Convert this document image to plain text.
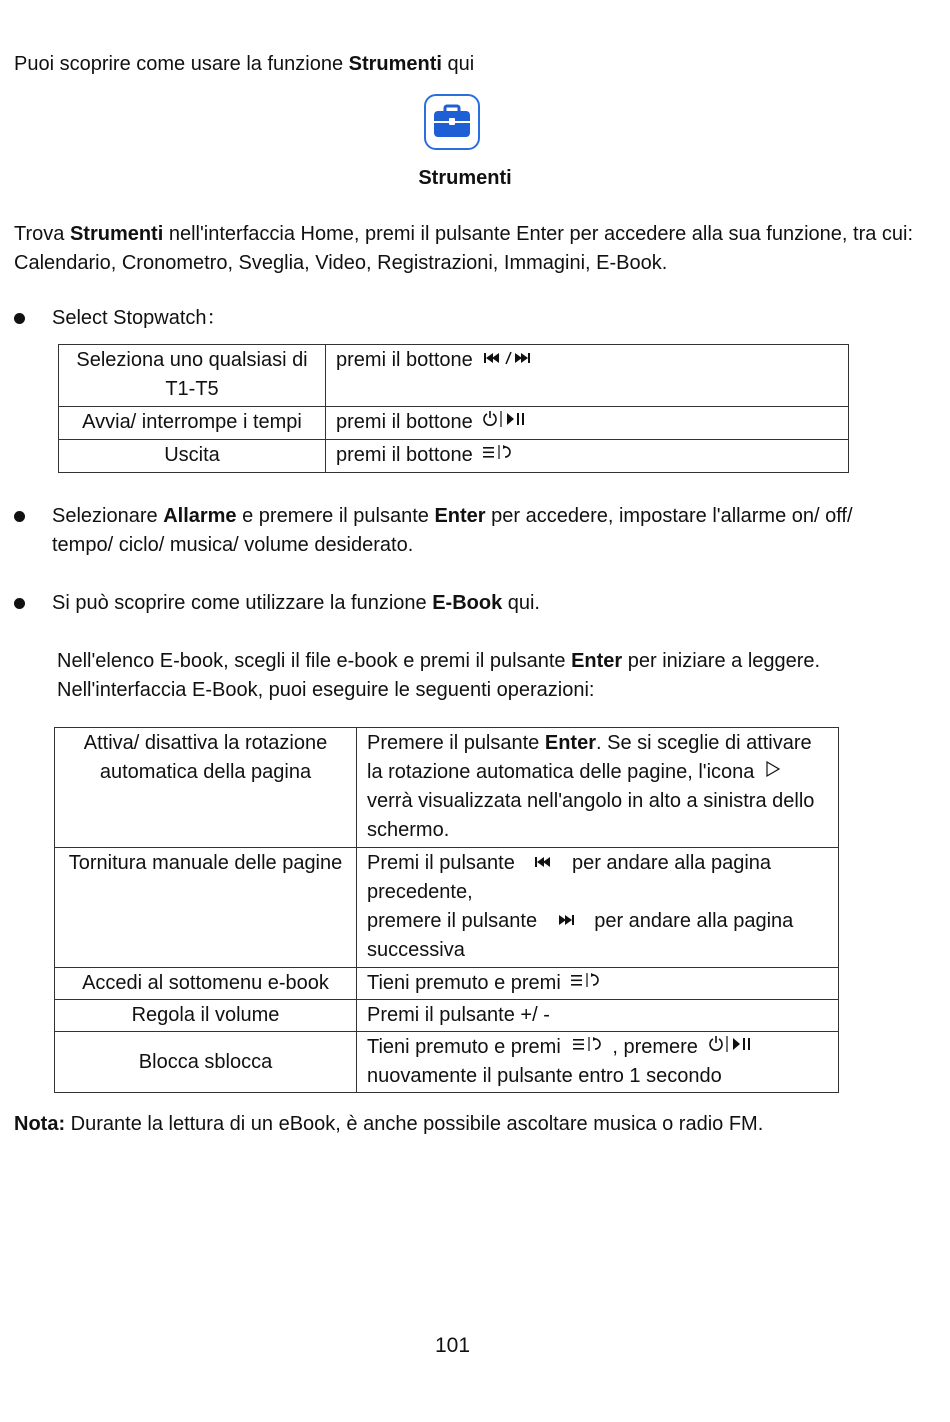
Puoi scoprire come usare la funzione Strumenti qui

Strumenti

Trova Strumenti nell'interfaccia Home, premi il pulsante Enter per accedere alla sua funzione, tra cui: Calendario, Cronometro, Sveglia, Video, Registrazioni, Immagini, E-Book.

Select Stopwatch：

Seleziona uno qualsiasi di T1-T5	premi il bottone
Avvia/ interrompe i tempi	premi il bottone
Uscita	premi il bottone

Selezionare Allarme e premere il pulsante Enter per accedere, impostare l'allarme on/ off/ tempo/ ciclo/ musica/ volume desiderato.

Si può scoprire come utilizzare la funzione E-Book qui.

Nell'elenco E-book, scegli il file e-book e premi il pulsante Enter per iniziare a leggere.
Nell'interfaccia E-Book, puoi eseguire le seguenti operazioni:

Attiva/ disattiva la rotazione automatica della pagina	Premere il pulsante Enter. Se si sceglie di attivare la rotazione automatica delle pagine, l'icona  verrà visualizzata nell'angolo in alto a sinistra dello schermo.
Tornitura manuale delle pagine	Premi il pulsante per andare alla pagina precedente,
premere il pulsante per andare alla pagina successiva
Accedi al sottomenu e-book	Tieni premuto e premi
Regola il volume	Premi il pulsante +/ -
Blocca sblocca	Tieni premuto e premi , premere
nuovamente il pulsante entro 1 secondo

Nota: Durante la lettura di un eBook, è anche possibile ascoltare musica o radio FM.

101
